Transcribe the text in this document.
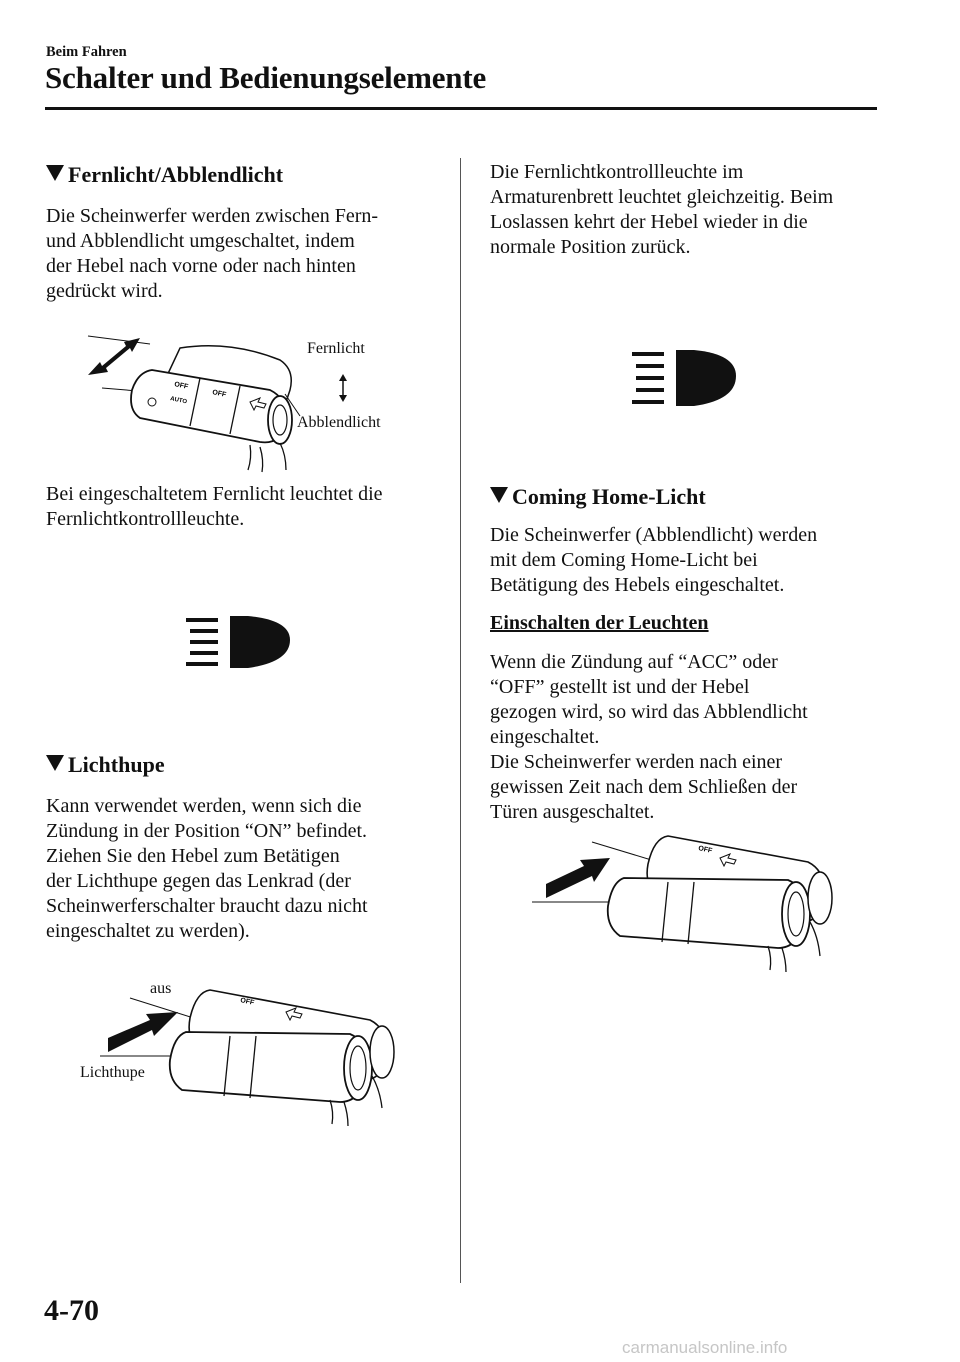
Beim Fahren
Schalter und Bedienungselemente
Fernlicht/Abblendlicht

Die Scheinwerfer werden zwischen Fern-
und Abblendlicht umgeschaltet, indem
der Hebel nach vorne oder nach hinten
gedrückt wird.

OFF
AUTO
OFF
Fernlicht
Abblendlicht

Bei eingeschaltetem Fernlicht leuchtet die
Fernlichtkontrollleuchte.

Lichthupe

Kann verwendet werden, wenn sich die
Zündung in der Position “ON” befindet.
Ziehen Sie den Hebel zum Betätigen
der Lichthupe gegen das Lenkrad (der
Scheinwerferschalter braucht dazu nicht
eingeschaltet zu werden).

aus
Lichthupe
OFF

Die Fernlichtkontrollleuchte im
Armaturenbrett leuchtet gleichzeitig. Beim
Loslassen kehrt der Hebel wieder in die
normale Position zurück.

Coming Home-Licht

Die Scheinwerfer (Abblendlicht) werden
mit dem Coming Home-Licht bei
Betätigung des Hebels eingeschaltet.

Einschalten der Leuchten

Wenn die Zündung auf “ACC” oder
“OFF” gestellt ist und der Hebel
gezogen wird, so wird das Abblendlicht
eingeschaltet.
Die Scheinwerfer werden nach einer
gewissen Zeit nach dem Schließen der
Türen ausgeschaltet.

OFF
4-70
carmanualsonline.info
